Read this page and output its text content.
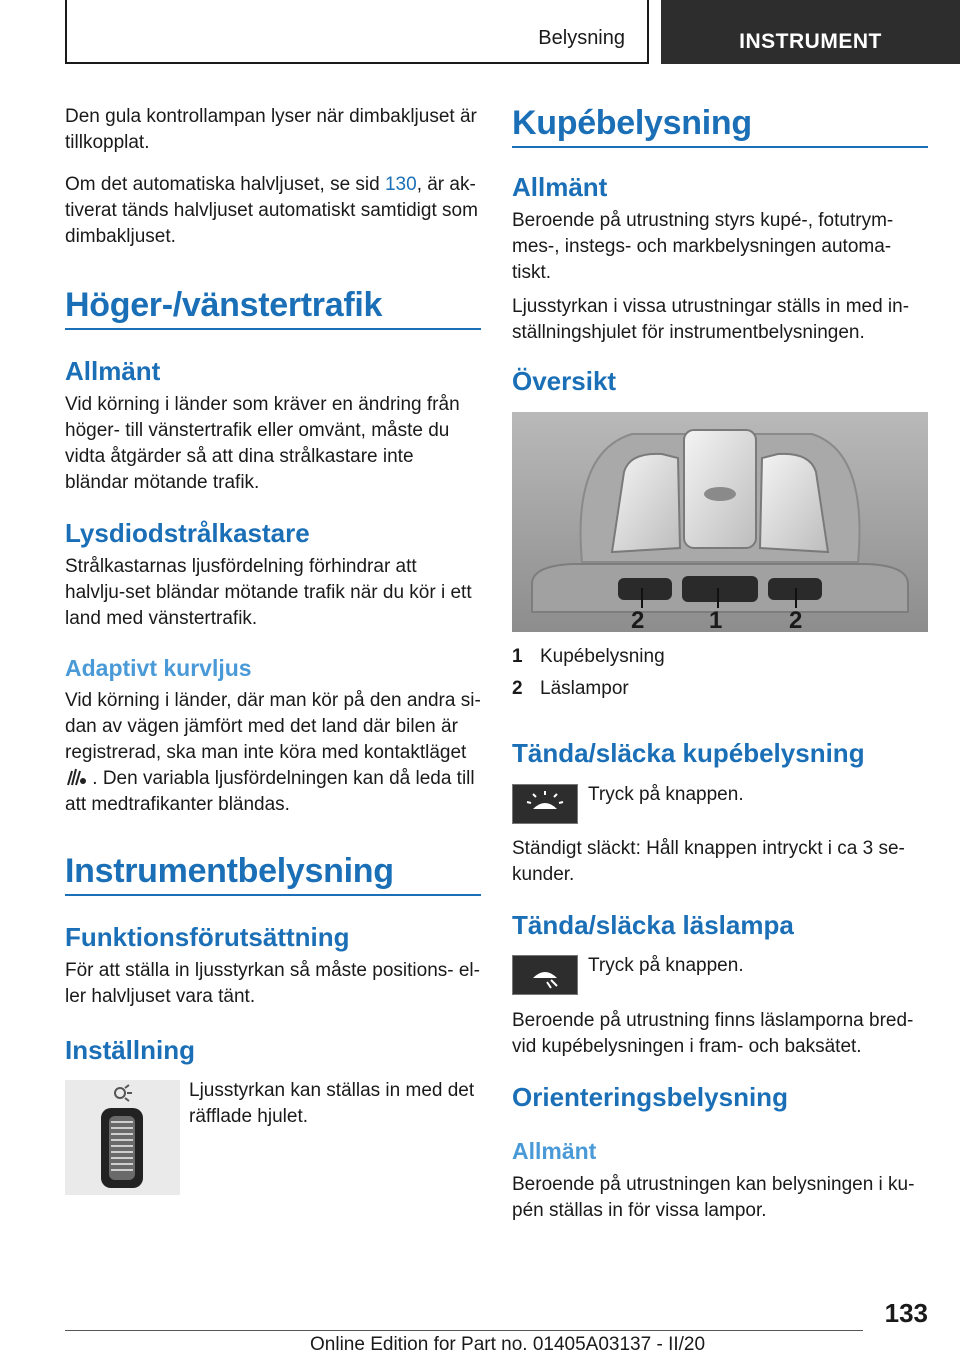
Belysning	INSTRUMENT

Den gula kontrollampan lyser när dimbakljuset är tillkopplat.

Om det automatiska halvljuset, se sid 130, är ak-tiverat tänds halvljuset automatiskt samtidigt som dimbakljuset.

Höger-/vänstertrafik
Allmänt

Vid körning i länder som kräver en ändring från höger- till vänstertrafik eller omvänt, måste du vidta åtgärder så att dina strålkastare inte bländar mötande trafik.

Lysdiodstrålkastare

Strålkastarnas ljusfördelning förhindrar att halvlju-set bländar mötande trafik när du kör i ett land med vänstertrafik.

Adaptivt kurvljus

Vid körning i länder, där man kör på den andra si-dan av vägen jämfört med det land där bilen är registrerad, ska man inte köra med kontaktläget
. Den variabla ljusfördelningen kan då leda till att medtrafikanter bländas.

Instrumentbelysning
Funktionsförutsättning

För att ställa in ljusstyrkan så måste positions- el-ler halvljuset vara tänt.

Inställning

Ljusstyrkan kan ställas in med det räfflade hjulet.

Kupébelysning
Allmänt

Beroende på utrustning styrs kupé-, fotutrym-mes-, instegs- och markbelysningen automa-tiskt.

Ljusstyrkan i vissa utrustningar ställs in med in-ställningshjulet för instrumentbelysningen.

Översikt
2	1	2
1 Kupébelysning
2 Läslampor
Tända/släcka kupébelysning

Tryck på knappen.

Ständigt släckt: Håll knappen intryckt i ca 3 se-kunder.

Tända/släcka läslampa

Tryck på knappen.

Beroende på utrustning finns läslamporna bred-vid kupébelysningen i fram- och baksätet.

Orienteringsbelysning
Allmänt

Beroende på utrustningen kan belysningen i ku-pén ställas in för vissa lampor.

133
Online Edition for Part no. 01405A03137 - II/20
